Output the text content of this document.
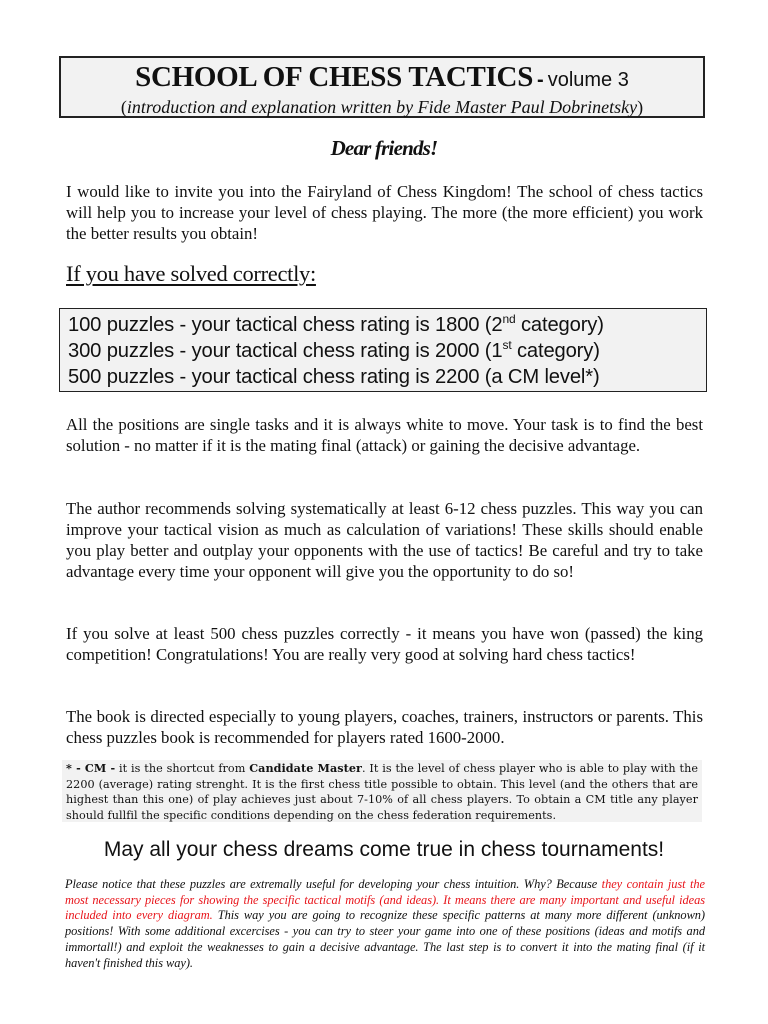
SCHOOL OF CHESS TACTICS - volume 3
(introduction and explanation written by Fide Master Paul Dobrinetsky)
Dear friends!

I would like to invite you into the Fairyland of Chess Kingdom! The school of chess tactics will help you to increase your level of chess playing. The more (the more efficient) you work the better results you obtain!

If you have solved correctly:
100 puzzles - your tactical chess rating is 1800 (2nd category)
300 puzzles - your tactical chess rating is 2000 (1st category)
500 puzzles - your tactical chess rating is 2200 (a CM level*)

All the positions are single tasks and it is always white to move. Your task is to find the best solution - no matter if it is the mating final (attack) or gaining the decisive advantage.

The author recommends solving systematically at least 6-12 chess puzzles. This way you can improve your tactical vision as much as calculation of variations! These skills should enable you play better and outplay your opponents with the use of tactics! Be careful and try to take advantage every time your opponent will give you the opportunity to do so!

If you solve at least 500 chess puzzles correctly - it means you have won (passed) the king competition! Congratulations! You are really very good at solving hard chess tactics!

The book is directed especially to young players, coaches, trainers, instructors or parents. This chess puzzles book is recommended for players rated 1600-2000.

* - CM - it is the shortcut from Candidate Master. It is the level of chess player who is able to play with the 2200 (average) rating strenght. It is the first chess title possible to obtain. This level (and the others that are highest than this one) of play achieves just about 7-10% of all chess players. To obtain a CM title any player should fullfil the specific conditions depending on the chess federation requirements.
May all your chess dreams come true in chess tournaments!
Please notice that these puzzles are extremally useful for developing your chess intuition. Why? Because they contain just the most necessary pieces for showing the specific tactical motifs (and ideas). It means there are many important and useful ideas included into every diagram. This way you are going to recognize these specific patterns at many more different (unknown) positions! With some additional excercises - you can try to steer your game into one of these positions (ideas and motifs and immortall!) and exploit the weaknesses to gain a decisive advantage. The last step is to convert it into the mating final (if it haven't finished this way).
